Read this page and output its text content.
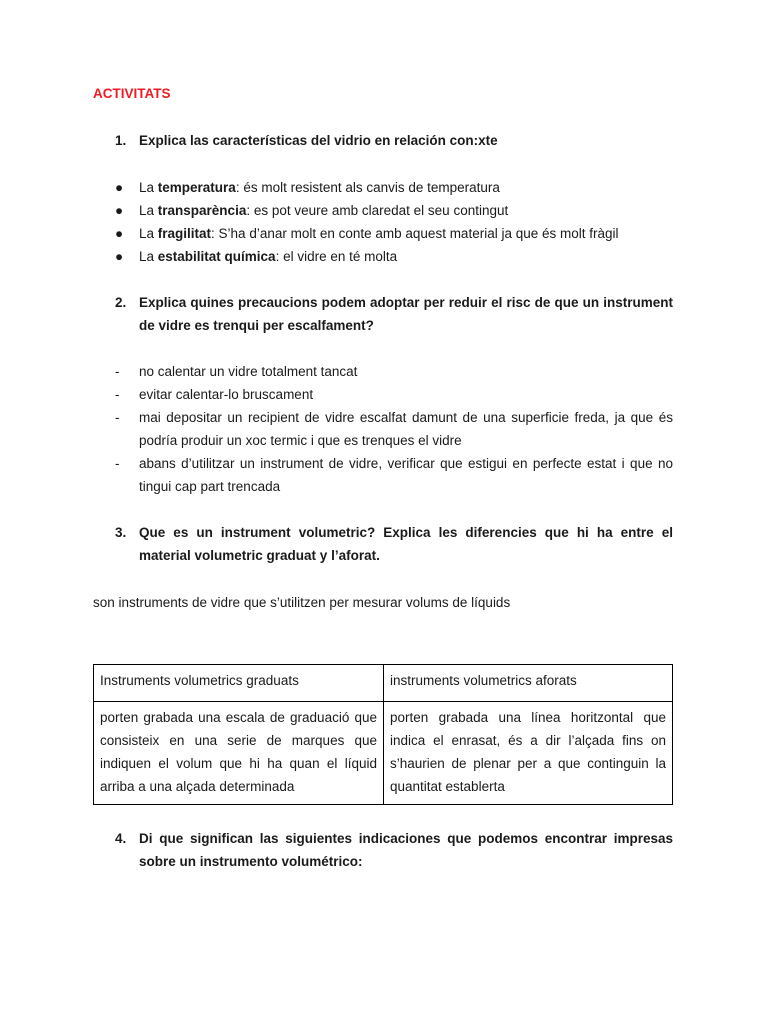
ACTIVITATS
1. Explica las características del vidrio en relación con:xte
● La temperatura: és molt resistent als canvis de temperatura
● La transparència: es pot veure amb claredat el seu contingut
● La fragilitat: S’ha d’anar molt en conte amb aquest material ja que és molt fràgil
● La estabilitat química: el vidre en té molta
2. Explica quines precaucions podem adoptar per reduir el risc de que un instrument de vidre es trenqui per escalfament?
- no calentar un vidre totalment tancat
- evitar calentar-lo bruscament
- mai depositar un recipient de vidre escalfat damunt de una superficie freda, ja que és podría produir un xoc termic i que es trenques el vidre
- abans d’utilitzar un instrument de vidre, verificar que estigui en perfecte estat i que no tingui cap part trencada
3. Que es un instrument volumetric? Explica les diferencies que hi ha entre el material volumetric graduat y l’aforat.
son instruments de vidre que s’utilitzen per mesurar volums de líquids
Instruments volumetrics graduats	instruments volumetrics aforats
porten grabada una escala de graduació que consisteix en una serie de marques que indiquen el volum que hi ha quan el líquid arriba a una alçada determinada	porten grabada una línea horitzontal que indica el enrasat, és a dir l’alçada fins on s’haurien de plenar per a que continguin la quantitat establerta
4. Di que significan las siguientes indicaciones que podemos encontrar impresas sobre un instrumento volumétrico:
